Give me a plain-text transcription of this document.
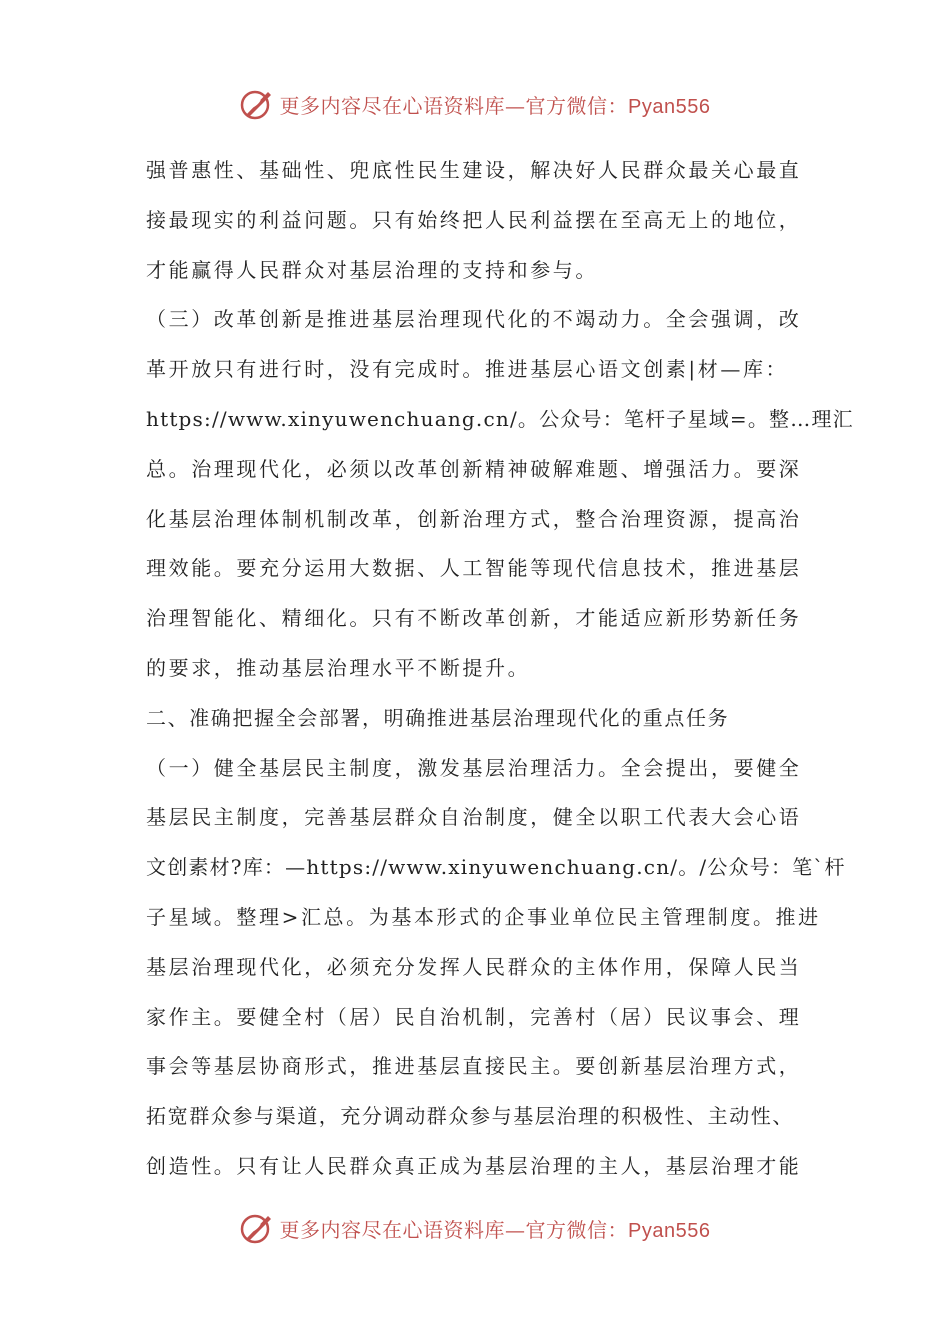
更多内容尽在心语资料库—官方微信：Pyan556
强普惠性、基础性、兜底性民生建设，解决好人民群众最关心最直
接最现实的利益问题。只有始终把人民利益摆在至高无上的地位，
才能赢得人民群众对基层治理的支持和参与。
（三）改革创新是推进基层治理现代化的不竭动力。全会强调，改
革开放只有进行时，没有完成时。推进基层心语文创素|材—库：
https://www.xinyuwenchuang.cn/。公众号：笔杆子星域=。整…理汇
总。治理现代化，必须以改革创新精神破解难题、增强活力。要深
化基层治理体制机制改革，创新治理方式，整合治理资源，提高治
理效能。要充分运用大数据、人工智能等现代信息技术，推进基层
治理智能化、精细化。只有不断改革创新，才能适应新形势新任务
的要求，推动基层治理水平不断提升。
二、准确把握全会部署，明确推进基层治理现代化的重点任务
（一）健全基层民主制度，激发基层治理活力。全会提出，要健全
基层民主制度，完善基层群众自治制度，健全以职工代表大会心语
文创素材?库：—https://www.xinyuwenchuang.cn/。/公众号：笔`杆
子星域。整理>汇总。为基本形式的企事业单位民主管理制度。推进
基层治理现代化，必须充分发挥人民群众的主体作用，保障人民当
家作主。要健全村（居）民自治机制，完善村（居）民议事会、理
事会等基层协商形式，推进基层直接民主。要创新基层治理方式，
拓宽群众参与渠道，充分调动群众参与基层治理的积极性、主动性、
创造性。只有让人民群众真正成为基层治理的主人，基层治理才能
更多内容尽在心语资料库—官方微信：Pyan556
